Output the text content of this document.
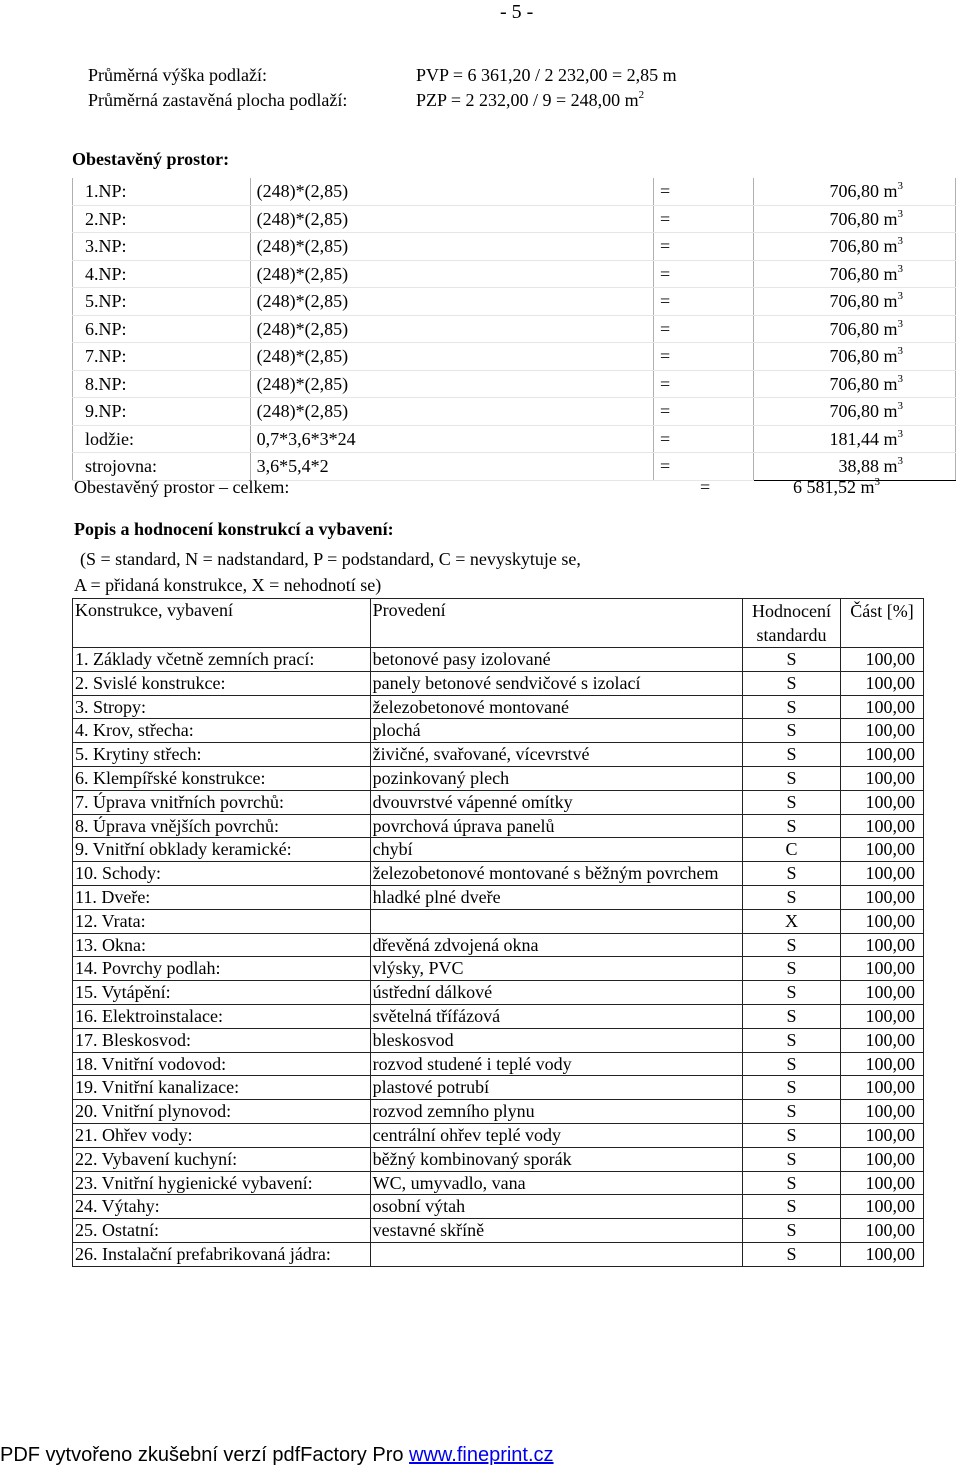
- 5 -
Průměrná výška podlaží:	PVP = 6 361,20 / 2 232,00 = 2,85 m
Průměrná zastavěná plocha podlaží:	PZP = 2 232,00 / 9 = 248,00 $m^2$
Obestavěný prostor:
1.NP:	(248)*(2,85)	=	706,80 $m^3$
2.NP:	(248)*(2,85)	=	706,80 $m^3$
3.NP:	(248)*(2,85)	=	706,80 $m^3$
4.NP:	(248)*(2,85)	=	706,80 $m^3$
5.NP:	(248)*(2,85)	=	706,80 $m^3$
6.NP:	(248)*(2,85)	=	706,80 $m^3$
7.NP:	(248)*(2,85)	=	706,80 $m^3$
8.NP:	(248)*(2,85)	=	706,80 $m^3$
9.NP:	(248)*(2,85)	=	706,80 $m^3$
lodžie:	0,7*3,6*3*24	=	181,44 $m^3$
strojovna:	3,6*5,4*2	=	38,88 $m^3$
Obestavěný prostor – celkem:	=	6 581,52 $m^3$
Popis a hodnocení konstrukcí a vybavení:
(S = standard, N = nadstandard, P = podstandard, C = nevyskytuje se,
A = přidaná konstrukce, X = nehodnotí se)
Konstrukce, vybavení	Provedení	Hodnocení standardu	Část [%]
1. Základy včetně zemních prací:	betonové pasy izolované	S	100,00
2. Svislé konstrukce:	panely betonové sendvičové s izolací	S	100,00
3. Stropy:	železobetonové montované	S	100,00
4. Krov, střecha:	plochá	S	100,00
5. Krytiny střech:	živičné, svařované, vícevrstvé	S	100,00
6. Klempířské konstrukce:	pozinkovaný plech	S	100,00
7. Úprava vnitřních povrchů:	dvouvrstvé vápenné omítky	S	100,00
8. Úprava vnějších povrchů:	povrchová úprava panelů	S	100,00
9. Vnitřní obklady keramické:	chybí	C	100,00
10. Schody:	železobetonové montované s běžným povrchem	S	100,00
11. Dveře:	hladké plné dveře	S	100,00
12. Vrata:		X	100,00
13. Okna:	dřevěná zdvojená okna	S	100,00
14. Povrchy podlah:	vlýsky, PVC	S	100,00
15. Vytápění:	ústřední dálkové	S	100,00
16. Elektroinstalace:	světelná třífázová	S	100,00
17. Bleskosvod:	bleskosvod	S	100,00
18. Vnitřní vodovod:	rozvod studené i teplé vody	S	100,00
19. Vnitřní kanalizace:	plastové potrubí	S	100,00
20. Vnitřní plynovod:	rozvod zemního plynu	S	100,00
21. Ohřev vody:	centrální ohřev teplé vody	S	100,00
22. Vybavení kuchyní:	běžný kombinovaný sporák	S	100,00
23. Vnitřní hygienické vybavení:	WC, umyvadlo, vana	S	100,00
24. Výtahy:	osobní výtah	S	100,00
25. Ostatní:	vestavné skříně	S	100,00
26. Instalační prefabrikovaná jádra:		S	100,00
PDF vytvořeno zkušební verzí pdfFactory Pro www.fineprint.cz
